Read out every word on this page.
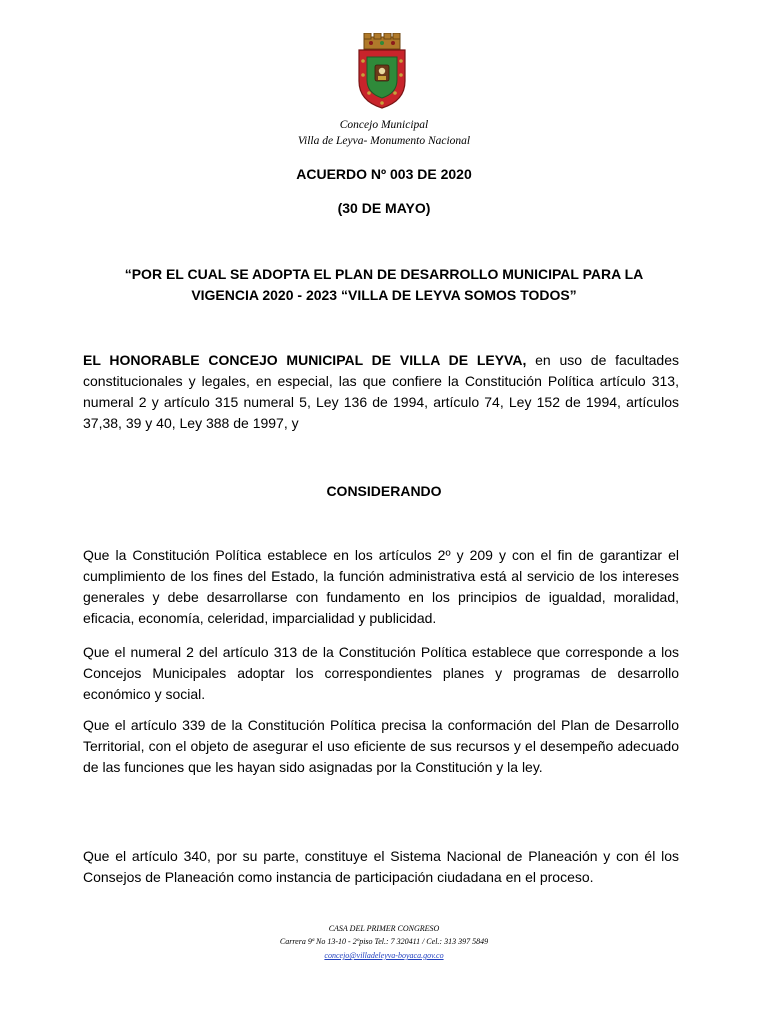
Concejo Municipal
Villa de Leyva- Monumento Nacional
ACUERDO Nº 003 DE 2020
(30 DE MAYO)
“POR EL CUAL SE ADOPTA EL PLAN DE DESARROLLO MUNICIPAL PARA LA VIGENCIA 2020 - 2023 “VILLA DE LEYVA SOMOS TODOS”
EL HONORABLE CONCEJO MUNICIPAL DE VILLA DE LEYVA, en uso de facultades constitucionales y legales, en especial, las que confiere la Constitución Política artículo 313, numeral 2 y artículo 315 numeral 5, Ley 136 de 1994, artículo 74, Ley 152 de 1994, artículos 37,38, 39 y 40, Ley 388 de 1997, y
CONSIDERANDO
Que la Constitución Política establece en los artículos 2º y 209 y con el fin de garantizar el cumplimiento de los fines del Estado, la función administrativa está al servicio de los intereses generales y debe desarrollarse con fundamento en los principios de igualdad, moralidad, eficacia, economía, celeridad, imparcialidad y publicidad.
Que el numeral 2 del artículo 313 de la Constitución Política establece que corresponde a los Concejos Municipales adoptar los correspondientes planes y programas de desarrollo económico y social.
Que el artículo 339 de la Constitución Política precisa la conformación del Plan de Desarrollo Territorial, con el objeto de asegurar el uso eficiente de sus recursos y el desempeño adecuado de las funciones que les hayan sido asignadas por la Constitución y la ley.
Que el artículo 340, por su parte, constituye el Sistema Nacional de Planeación y con él los Consejos de Planeación como instancia de participación ciudadana en el proceso.
CASA DEL PRIMER CONGRESO
Carrera 9ª No 13-10 - 2ºpiso Tel.: 7 320411 / Cel.: 313 397 5849
concejo@villadeleyva-boyaca.gov.co
